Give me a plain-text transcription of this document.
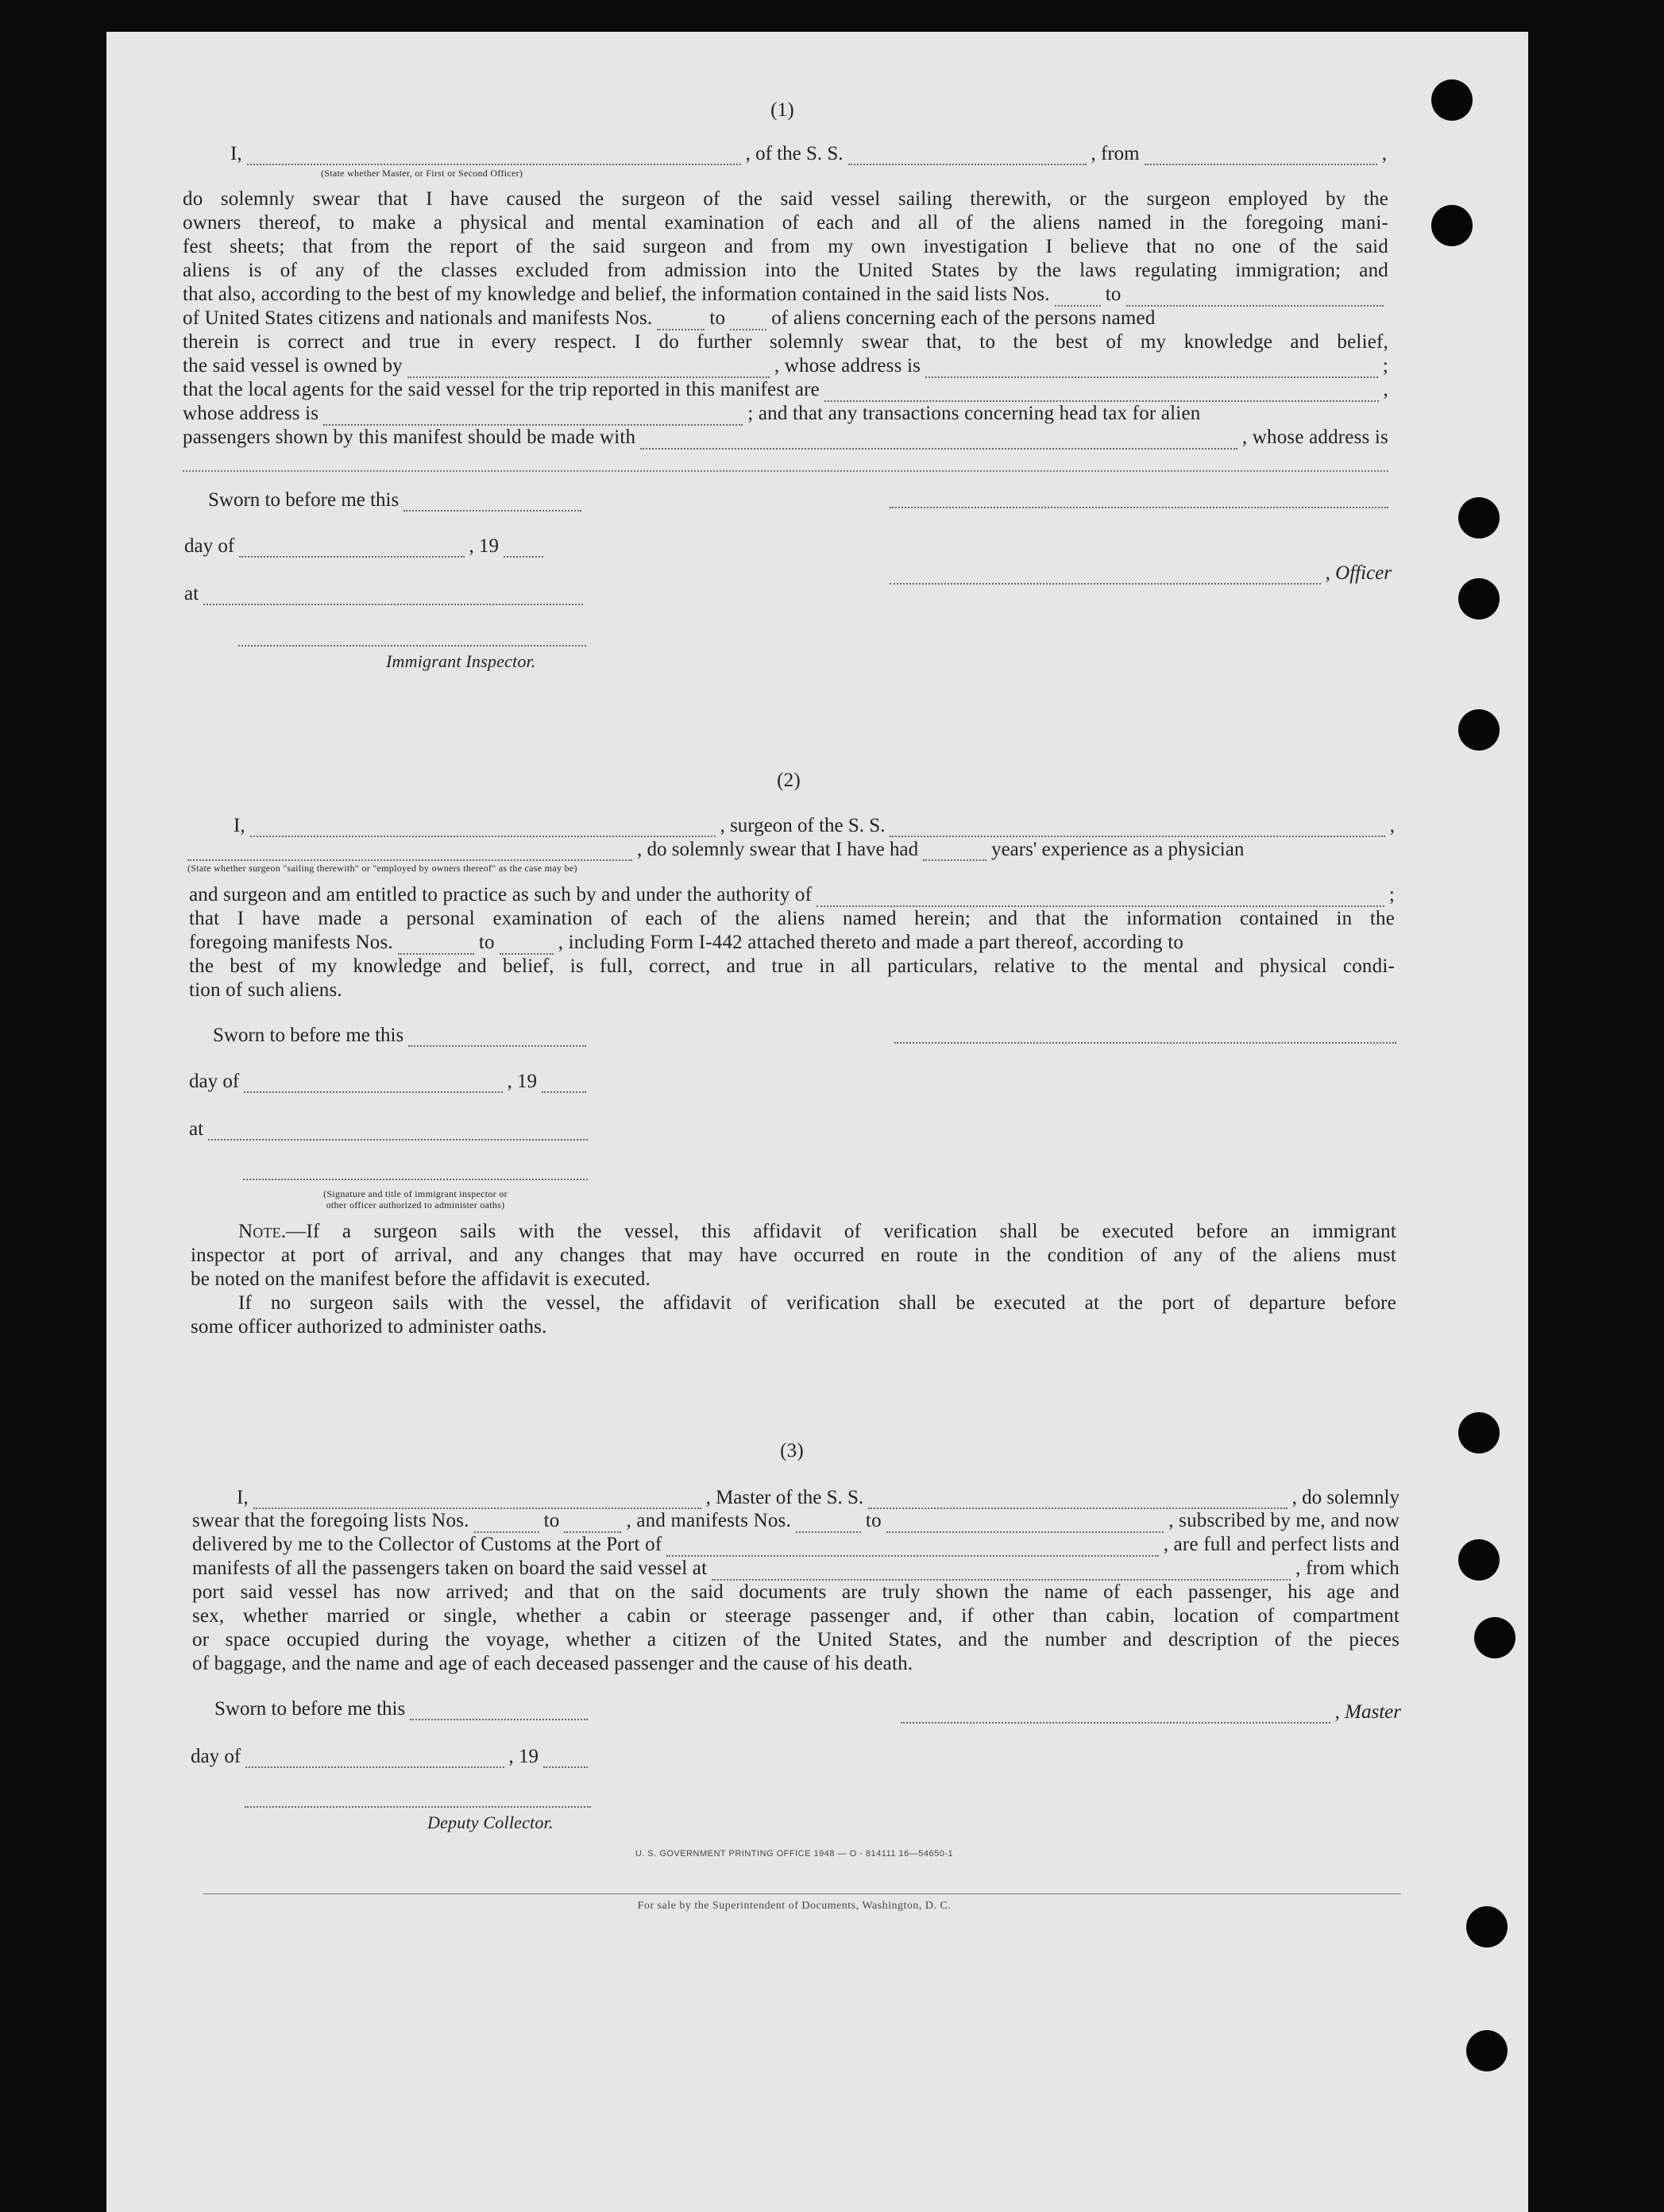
(1)
I,	, of the S. S.	, from	,
(State whether Master, or First or Second Officer)
do solemnly swear that I have caused the surgeon of the said vessel sailing therewith, or the surgeon employed by the
owners thereof, to make a physical and mental examination of each and all of the aliens named in the foregoing mani-
fest sheets; that from the report of the said surgeon and from my own investigation I believe that no one of the said
aliens is of any of the classes excluded from admission into the United States by the laws regulating immigration; and
that also, according to the best of my knowledge and belief, the information contained in the said lists Nos.	to
of United States citizens and nationals and manifests Nos.	to of aliens concerning each of the persons named
therein is correct and true in every respect. I do further solemnly swear that, to the best of my knowledge and belief,
the said vessel is owned by	, whose address is	;
that the local agents for the said vessel for the trip reported in this manifest are	,
whose address is	; and that any transactions concerning head tax for alien
passengers shown by this manifest should be made with	, whose address is
Sworn to before me this
day of	, 19
at
Immigrant Inspector.
, Officer
(2)
I,	, surgeon of the S. S.	,
, do solemnly swear that I have had	years' experience as a physician
(State whether surgeon "sailing therewith" or "employed by owners thereof" as the case may be)
and surgeon and am entitled to practice as such by and under the authority of	;
that I have made a personal examination of each of the aliens named herein; and that the information contained in the
foregoing manifests Nos.	to	, including Form I-442 attached thereto and made a part thereof, according to
the best of my knowledge and belief, is full, correct, and true in all particulars, relative to the mental and physical condi-
tion of such aliens.
Sworn to before me this
day of	, 19
at
(Signature and title of immigrant inspector or
other officer authorized to administer oaths)
Note.—If a surgeon sails with the vessel, this affidavit of verification shall be executed before an immigrant
inspector at port of arrival, and any changes that may have occurred en route in the condition of any of the aliens must
be noted on the manifest before the affidavit is executed.
If no surgeon sails with the vessel, the affidavit of verification shall be executed at the port of departure before
some officer authorized to administer oaths.
(3)
I,	, Master of the S. S.	, do solemnly
swear that the foregoing lists Nos.	to	, and manifests Nos.	to	, subscribed by me, and now
delivered by me to the Collector of Customs at the Port of	, are full and perfect lists and
manifests of all the passengers taken on board the said vessel at	, from which
port said vessel has now arrived; and that on the said documents are truly shown the name of each passenger, his age and
sex, whether married or single, whether a cabin or steerage passenger and, if other than cabin, location of compartment
or space occupied during the voyage, whether a citizen of the United States, and the number and description of the pieces
of baggage, and the name and age of each deceased passenger and the cause of his death.
Sworn to before me this	, Master
day of	, 19
Deputy Collector.
U. S. GOVERNMENT PRINTING OFFICE 1948 — O - 814111 16—54650-1
For sale by the Superintendent of Documents, Washington, D. C.
